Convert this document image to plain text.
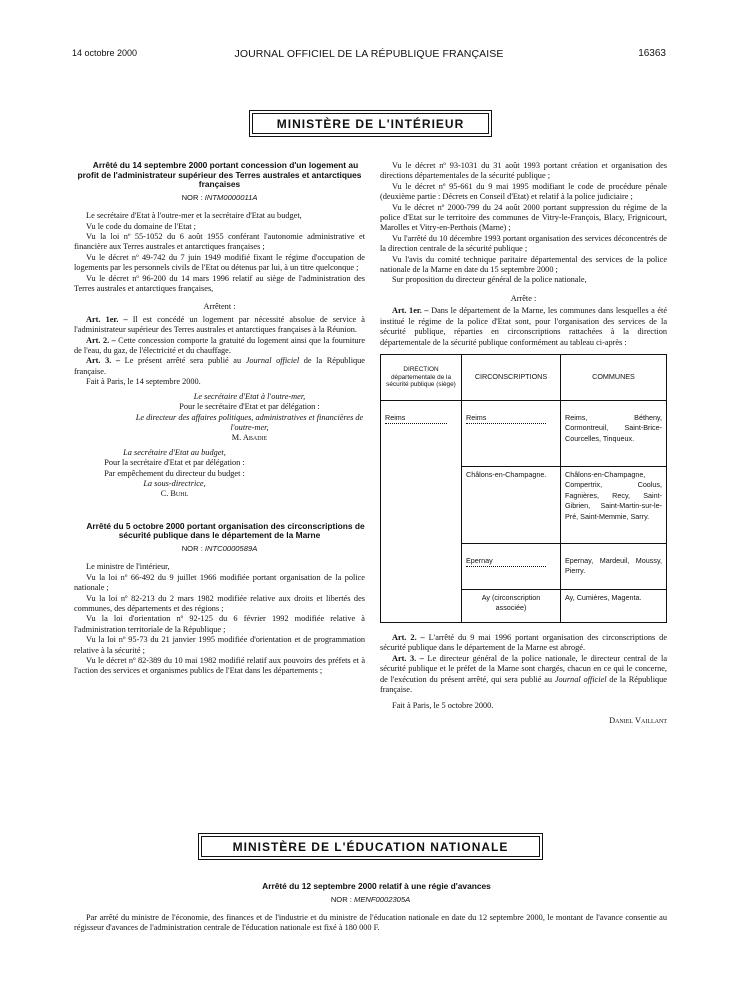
14 octobre 2000	JOURNAL OFFICIEL DE LA RÉPUBLIQUE FRANÇAISE	16363
MINISTÈRE DE L'INTÉRIEUR

Arrêté du 14 septembre 2000 portant concession d'un logement au profit de l'administrateur supérieur des Terres australes et antarctiques françaises

NOR : INTM0000011A

Le secrétaire d'Etat à l'outre-mer et la secrétaire d'Etat au budget,

Vu le code du domaine de l'Etat ;

Vu la loi nº 55-1052 du 6 août 1955 conférant l'autonomie administrative et financière aux Terres australes et antarctiques françaises ;

Vu le décret nº 49-742 du 7 juin 1949 modifié fixant le régime d'occupation de logements par les personnels civils de l'Etat ou détenus par lui, à un titre quelconque ;

Vu le décret nº 96-200 du 14 mars 1996 relatif au siège de l'administration des Terres australes et antarctiques françaises,

Arrêtent :

Art. 1er. – Il est concédé un logement par nécessité absolue de service à l'administrateur supérieur des Terres australes et antarctiques françaises à la Réunion.

Art. 2. – Cette concession comporte la gratuité du logement ainsi que la fourniture de l'eau, du gaz, de l'électricité et du chauffage.

Art. 3. – Le présent arrêté sera publié au Journal officiel de la République française.

Fait à Paris, le 14 septembre 2000.

Le secrétaire d'Etat à l'outre-mer,
Pour le secrétaire d'Etat et par délégation :
Le directeur des affaires politiques, administratives et financières de l'outre-mer,
M. Abadie
La secrétaire d'Etat au budget,
Pour la secrétaire d'Etat et par délégation :
Par empêchement du directeur du budget :
La sous-directrice,
C. Buhl

Arrêté du 5 octobre 2000 portant organisation des circonscriptions de sécurité publique dans le département de la Marne

NOR : INTC0000589A

Le ministre de l'intérieur,

Vu la loi nº 66-492 du 9 juillet 1966 modifiée portant organisation de la police nationale ;

Vu la loi nº 82-213 du 2 mars 1982 modifiée relative aux droits et libertés des communes, des départements et des régions ;

Vu la loi d'orientation nº 92-125 du 6 février 1992 modifiée relative à l'administration territoriale de la République ;

Vu la loi nº 95-73 du 21 janvier 1995 modifiée d'orientation et de programmation relative à la sécurité ;

Vu le décret nº 82-389 du 10 mai 1982 modifié relatif aux pouvoirs des préfets et à l'action des services et organismes publics de l'Etat dans les départements ;

Vu le décret nº 93-1031 du 31 août 1993 portant création et organisation des directions départementales de la sécurité publique ;

Vu le décret nº 95-661 du 9 mai 1995 modifiant le code de procédure pénale (deuxième partie : Décrets en Conseil d'Etat) et relatif à la police judiciaire ;

Vu le décret nº 2000-799 du 24 août 2000 portant suppression du régime de la police d'Etat sur le territoire des communes de Vitry-le-François, Blacy, Frignicourt, Marolles et Vitry-en-Perthois (Marne) ;

Vu l'arrêté du 10 décembre 1993 portant organisation des services déconcentrés de la direction centrale de la sécurité publique ;

Vu l'avis du comité technique paritaire départemental des services de la police nationale de la Marne en date du 15 septembre 2000 ;

Sur proposition du directeur général de la police nationale,

Arrête :

Art. 1er. – Dans le département de la Marne, les communes dans lesquelles a été institué le régime de la police d'Etat sont, pour l'organisation des services de la sécurité publique, réparties en circonscriptions rattachées à la direction départementale de la sécurité publique conformément au tableau ci-après :

DIRECTION départementale de la sécurité publique (siège)	CIRCONSCRIPTIONS	COMMUNES
Reims	Reims	Reims, Bétheny, Cormontreuil, Saint-Brice-Courcelles, Tinqueux.
	Châlons-en-Champagne.	Châlons-en-Champagne, Compertrix, Coolus, Fagnières, Recy, Saint-Gibrien, Saint-Martin-sur-le-Pré, Saint-Memmie, Sarry.
	Epernay	Epernay, Mardeuil, Moussy, Pierry.
	Ay (circonscription associée)	Ay, Cumières, Magenta.

Art. 2. – L'arrêté du 9 mai 1996 portant organisation des circonscriptions de sécurité publique dans le département de la Marne est abrogé.

Art. 3. – Le directeur général de la police nationale, le directeur central de la sécurité publique et le préfet de la Marne sont chargés, chacun en ce qui le concerne, de l'exécution du présent arrêté, qui sera publié au Journal officiel de la République française.

Fait à Paris, le 5 octobre 2000.

Daniel Vaillant

MINISTÈRE DE L'ÉDUCATION NATIONALE

Arrêté du 12 septembre 2000 relatif à une régie d'avances

NOR : MENF0002305A

Par arrêté du ministre de l'économie, des finances et de l'industrie et du ministre de l'éducation nationale en date du 12 septembre 2000, le montant de l'avance consentie au régisseur d'avances de l'administration centrale de l'éducation nationale est fixé à 180 000 F.
